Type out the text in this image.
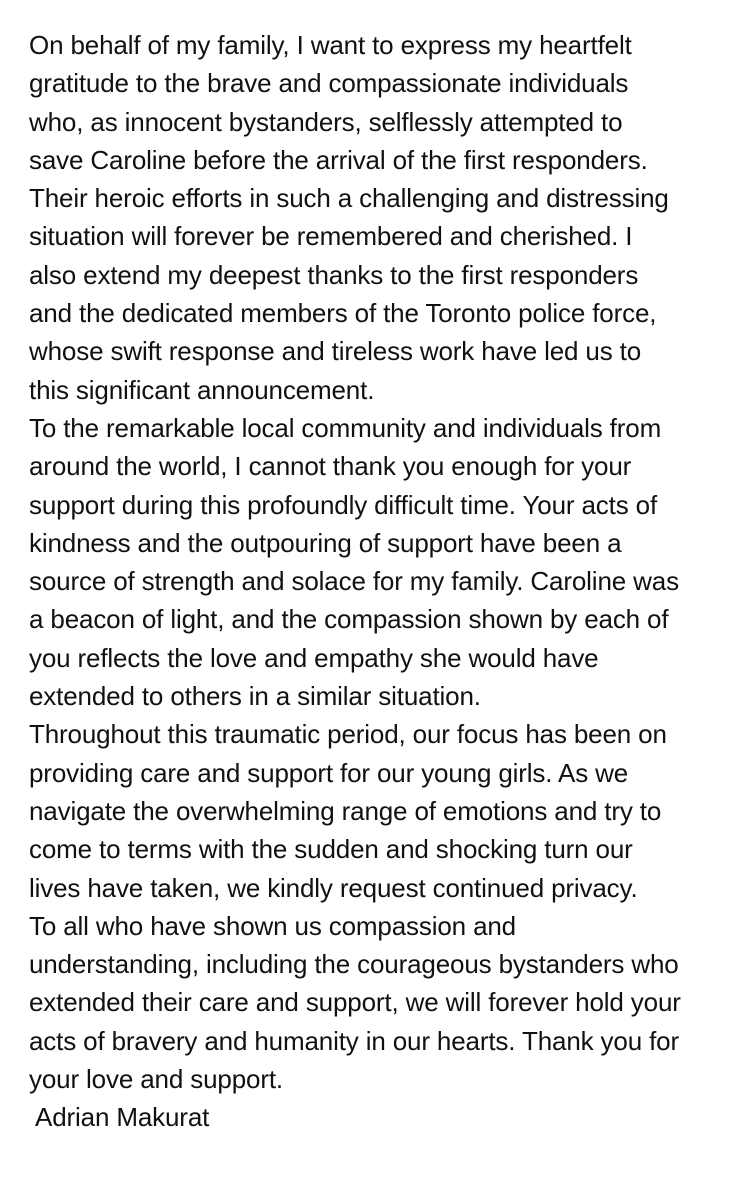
On behalf of my family, I want to express my heartfelt
gratitude to the brave and compassionate individuals
who, as innocent bystanders, selflessly attempted to
save Caroline before the arrival of the first responders.
Their heroic efforts in such a challenging and distressing
situation will forever be remembered and cherished. I
also extend my deepest thanks to the first responders
and the dedicated members of the Toronto police force,
whose swift response and tireless work have led us to
this significant announcement.
To the remarkable local community and individuals from
around the world, I cannot thank you enough for your
support during this profoundly difficult time. Your acts of
kindness and the outpouring of support have been a
source of strength and solace for my family. Caroline was
a beacon of light, and the compassion shown by each of
you reflects the love and empathy she would have
extended to others in a similar situation.
Throughout this traumatic period, our focus has been on
providing care and support for our young girls. As we
navigate the overwhelming range of emotions and try to
come to terms with the sudden and shocking turn our
lives have taken, we kindly request continued privacy.
To all who have shown us compassion and
understanding, including the courageous bystanders who
extended their care and support, we will forever hold your
acts of bravery and humanity in our hearts. Thank you for
your love and support.
Adrian Makurat
